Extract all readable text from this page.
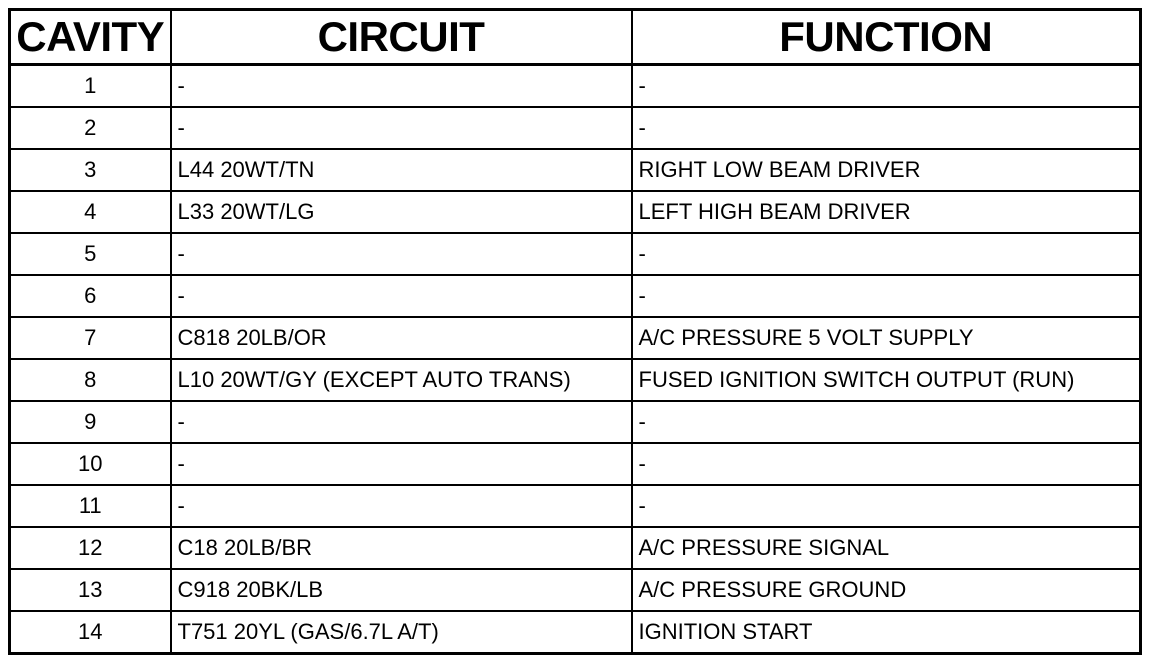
CAVITY	CIRCUIT	FUNCTION
1	-	-
2	-	-
3	L44 20WT/TN	RIGHT LOW BEAM DRIVER
4	L33 20WT/LG	LEFT HIGH BEAM DRIVER
5	-	-
6	-	-
7	C818 20LB/OR	A/C PRESSURE 5 VOLT SUPPLY
8	L10 20WT/GY (EXCEPT AUTO TRANS)	FUSED IGNITION SWITCH OUTPUT (RUN)
9	-	-
10	-	-
11	-	-
12	C18 20LB/BR	A/C PRESSURE SIGNAL
13	C918 20BK/LB	A/C PRESSURE GROUND
14	T751 20YL (GAS/6.7L A/T)	IGNITION START
